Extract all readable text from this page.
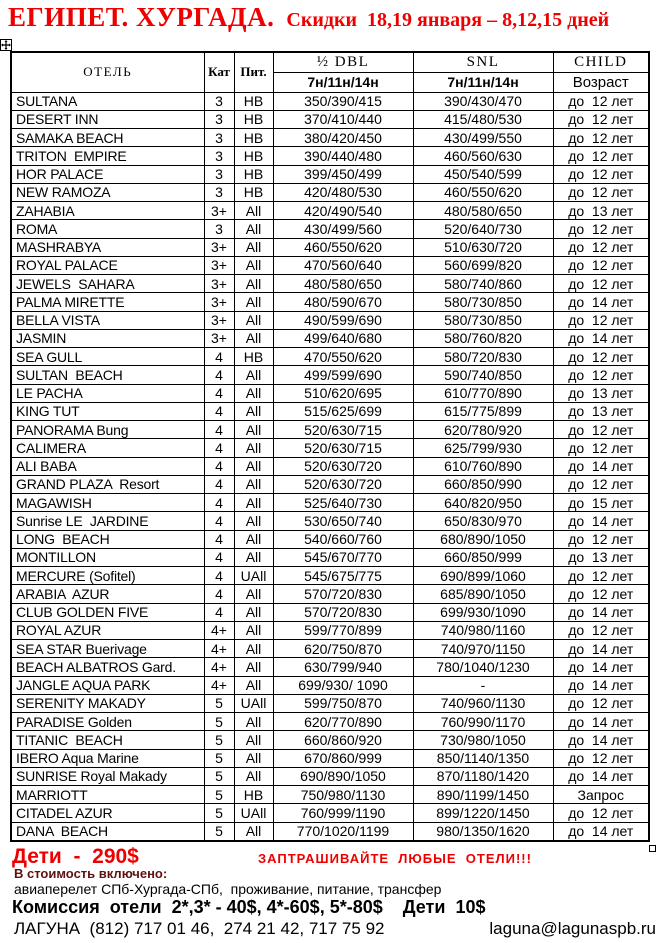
ЕГИПЕТ. ХУРГАДА. Скидки  18,19 января – 8,12,15 дней
ОТЕЛЬ	Кат	Пит.	½ DBL	SNL	CHILD
			7н/11н/14н	7н/11н/14н	Возраст
SULTANA	3	HB	350/390/415	390/430/470	до  12 лет
DESERT INN	3	HB	370/410/440	415/480/530	до  12 лет
SAMAKA BEACH	3	HB	380/420/450	430/499/550	до  12 лет
TRITON  EMPIRE	3	HB	390/440/480	460/560/630	до  12 лет
HOR PALACE	3	HB	399/450/499	450/540/599	до  12 лет
NEW RAMOZA	3	HB	420/480/530	460/550/620	до  12 лет
ZAHABIA	3+	All	420/490/540	480/580/650	до  13 лет
ROMA	3	All	430/499/560	520/640/730	до  12 лет
MASHRABYA	3+	All	460/550/620	510/630/720	до  12 лет
ROYAL PALACE	3+	All	470/560/640	560/699/820	до  12 лет
JEWELS  SAHARA	3+	All	480/580/650	580/740/860	до  12 лет
PALMA MIRETTE	3+	All	480/590/670	580/730/850	до  14 лет
BELLA VISTA	3+	All	490/599/690	580/730/850	до  12 лет
JASMIN	3+	All	499/640/680	580/760/820	до  14 лет
SEA GULL	4	HB	470/550/620	580/720/830	до  12 лет
SULTAN  BEACH	4	All	499/599/690	590/740/850	до  12 лет
LE PACHA	4	All	510/620/695	610/770/890	до  13 лет
KING TUT	4	All	515/625/699	615/775/899	до  13 лет
PANORAMA Bung	4	All	520/630/715	620/780/920	до  12 лет
CALIMERA	4	All	520/630/715	625/799/930	до  12 лет
ALI BABA	4	All	520/630/720	610/760/890	до  14 лет
GRAND PLAZA  Resort	4	All	520/630/720	660/850/990	до  12 лет
MAGAWISH	4	All	525/640/730	640/820/950	до  15 лет
Sunrise LE  JARDINE	4	All	530/650/740	650/830/970	до  14 лет
LONG  BEACH	4	All	540/660/760	680/890/1050	до  12 лет
MONTILLON	4	All	545/670/770	660/850/999	до  13 лет
MERCURE (Sofitel)	4	UAll	545/675/775	690/899/1060	до  12 лет
ARABIA  AZUR	4	All	570/720/830	685/890/1050	до  12 лет
CLUB GOLDEN FIVE	4	All	570/720/830	699/930/1090	до  14 лет
ROYAL AZUR	4+	All	599/770/899	740/980/1160	до  12 лет
SEA STAR Buerivage	4+	All	620/750/870	740/970/1150	до  14 лет
BEACH ALBATROS Gard.	4+	All	630/799/940	780/1040/1230	до  14 лет
JANGLE AQUA PARK	4+	All	699/930/ 1090	-	до  14 лет
SERENITY MAKADY	5	UAll	599/750/870	740/960/1130	до  12 лет
PARADISE Golden	5	All	620/770/890	760/990/1170	до  14 лет
TITANIC  BEACH	5	All	660/860/920	730/980/1050	до  14 лет
IBERO Aqua Marine	5	All	670/860/999	850/1140/1350	до  12 лет
SUNRISE Royal Makady	5	All	690/890/1050	870/1180/1420	до  14 лет
MARRIOTT	5	HB	750/980/1130	890/1199/1450	Запрос
CITADEL AZUR	5	UAll	760/999/1190	899/1220/1450	до  12 лет
DANA  BEACH	5	All	770/1020/1199	980/1350/1620	до  14 лет
Дети  -  290$	ЗАПТРАШИВАЙТЕ  ЛЮБЫЕ  ОТЕЛИ!!!
В стоимость включено:
авиаперелет СПб-Хургада-СПб,  проживание, питание, трансфер
Комиссия  отели  2*,3* - 40$, 4*-60$, 5*-80$    Дети  10$
ЛАГУНА  (812) 717 01 46,  274 21 42, 717 75 92	laguna@lagunaspb.ru
